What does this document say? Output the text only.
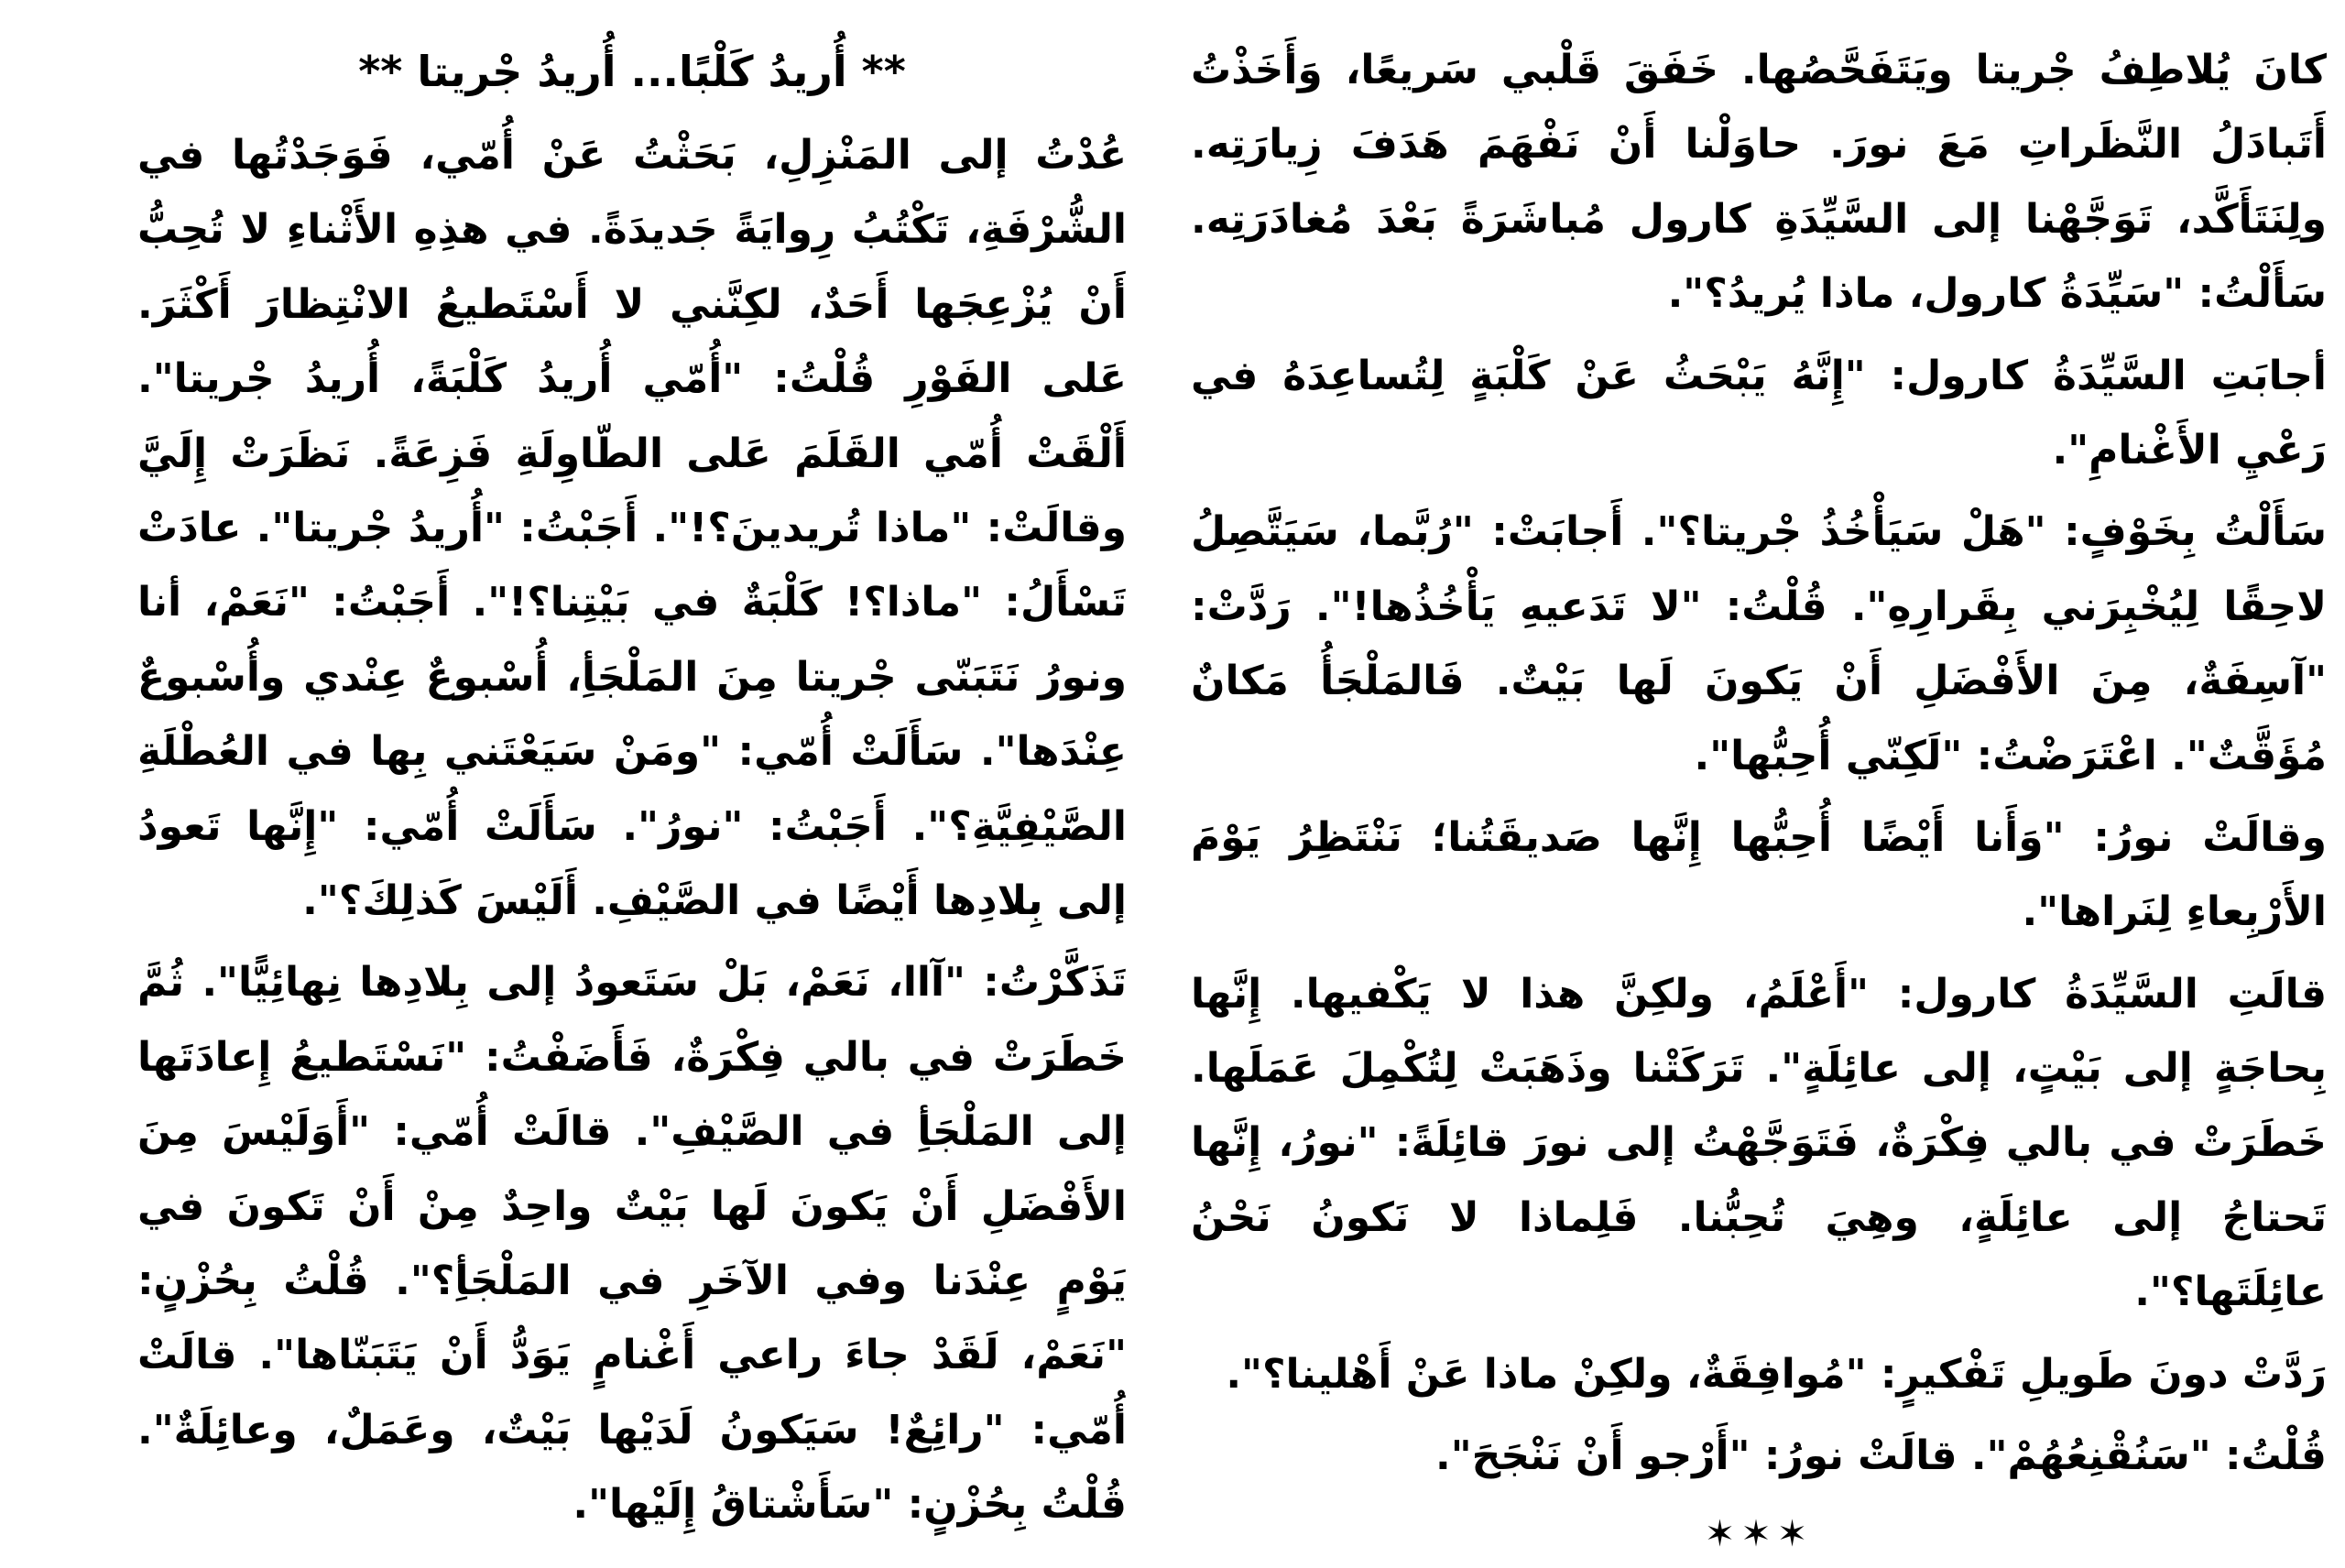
كانَ يُلاطِفُ جْريتا ويَتَفَحَّصُها. خَفَقَ قَلْبي سَريعًا، وَأَخَذْتُ أَتَبادَلُ النَّظَراتِ مَعَ نورَ. حاوَلْنا أَنْ نَفْهَمَ هَدَفَ زِيارَتِه. ولِنَتَأَكَّد، تَوَجَّهْنا إلى السَّيِّدَةِ كارول مُباشَرَةً بَعْدَ مُغادَرَتِه. سَأَلْتُ: "سَيِّدَةُ كارول، ماذا يُريدُ؟".

أجابَتِ السَّيِّدَةُ كارول: "إِنَّهُ يَبْحَثُ عَنْ كَلْبَةٍ لِتُساعِدَهُ في رَعْيِ الأَغْنامِ".

سَأَلْتُ بِخَوْفٍ: "هَلْ سَيَأْخُذُ جْريتا؟". أَجابَتْ: "رُبَّما، سَيَتَّصِلُ لاحِقًا لِيُخْبِرَني بِقَرارِهِ". قُلْتُ: "لا تَدَعيهِ يَأْخُذُها!". رَدَّتْ: "آسِفَةٌ، مِنَ الأَفْضَلِ أَنْ يَكونَ لَها بَيْتٌ. فَالمَلْجَأُ مَكانٌ مُؤَقَّتٌ". اعْتَرَضْتُ: "لَكِنّي أُحِبُّها".

وقالَتْ نورُ: "وَأَنا أَيْضًا أُحِبُّها إِنَّها صَديقَتُنا؛ نَنْتَظِرُ يَوْمَ الأَرْبِعاءِ لِنَراها".

قالَتِ السَّيِّدَةُ كارول: "أَعْلَمُ، ولكِنَّ هذا لا يَكْفيها. إِنَّها بِحاجَةٍ إلى بَيْتٍ، إلى عائِلَةٍ". تَرَكَتْنا وذَهَبَتْ لِتُكْمِلَ عَمَلَها. خَطَرَتْ في بالي فِكْرَةٌ، فَتَوَجَّهْتُ إلى نورَ قائِلَةً: "نورُ، إِنَّها تَحتاجُ إلى عائِلَةٍ، وهِيَ تُحِبُّنا. فَلِماذا لا نَكونُ نَحْنُ عائِلَتَها؟".

رَدَّتْ دونَ طَويلِ تَفْكيرٍ: "مُوافِقَةٌ، ولكِنْ ماذا عَنْ أَهْلينا؟".

قُلْتُ: "سَنُقْنِعُهُمْ". قالَتْ نورُ: "أَرْجو أَنْ نَنْجَحَ".

✶✶✶
** أُريدُ كَلْبًا... أُريدُ جْريتا **

عُدْتُ إلى المَنْزِلِ، بَحَثْتُ عَنْ أُمّي، فَوَجَدْتُها في الشُّرْفَةِ، تَكْتُبُ رِوايَةً جَديدَةً. في هذِهِ الأَثْناءِ لا تُحِبُّ أَنْ يُزْعِجَها أَحَدٌ، لكِنَّني لا أَسْتَطيعُ الانْتِظارَ أَكْثَرَ. عَلى الفَوْرِ قُلْتُ: "أُمّي أُريدُ كَلْبَةً، أُريدُ جْريتا". أَلْقَتْ أُمّي القَلَمَ عَلى الطّاوِلَةِ فَزِعَةً. نَظَرَتْ إِلَيَّ وقالَتْ: "ماذا تُريدينَ؟!". أَجَبْتُ: "أُريدُ جْريتا". عادَتْ تَسْأَلُ: "ماذا؟! كَلْبَةٌ في بَيْتِنا؟!". أَجَبْتُ: "نَعَمْ، أنا ونورُ نَتَبَنّى جْريتا مِنَ المَلْجَأِ، أُسْبوعٌ عِنْدي وأُسْبوعٌ عِنْدَها". سَأَلَتْ أُمّي: "ومَنْ سَيَعْتَني بِها في العُطْلَةِ الصَّيْفِيَّةِ؟". أَجَبْتُ: "نورُ". سَأَلَتْ أُمّي: "إِنَّها تَعودُ إلى بِلادِها أَيْضًا في الصَّيْفِ. أَلَيْسَ كَذلِكَ؟".

تَذَكَّرْتُ: "آاا، نَعَمْ، بَلْ سَتَعودُ إلى بِلادِها نِهائِيًّا". ثُمَّ خَطَرَتْ في بالي فِكْرَةٌ، فَأَضَفْتُ: "نَسْتَطيعُ إِعادَتَها إلى المَلْجَأِ في الصَّيْفِ". قالَتْ أُمّي: "أَوَلَيْسَ مِنَ الأَفْضَلِ أَنْ يَكونَ لَها بَيْتٌ واحِدٌ مِنْ أَنْ تَكونَ في يَوْمٍ عِنْدَنا وفي الآخَرِ في المَلْجَأِ؟". قُلْتُ بِحُزْنٍ: "نَعَمْ، لَقَدْ جاءَ راعي أَغْنامٍ يَوَدُّ أَنْ يَتَبَنّاها". قالَتْ أُمّي: "رائِعٌ! سَيَكونُ لَدَيْها بَيْتٌ، وعَمَلٌ، وعائِلَةٌ". قُلْتُ بِحُزْنٍ: "سَأَشْتاقُ إِلَيْها".
